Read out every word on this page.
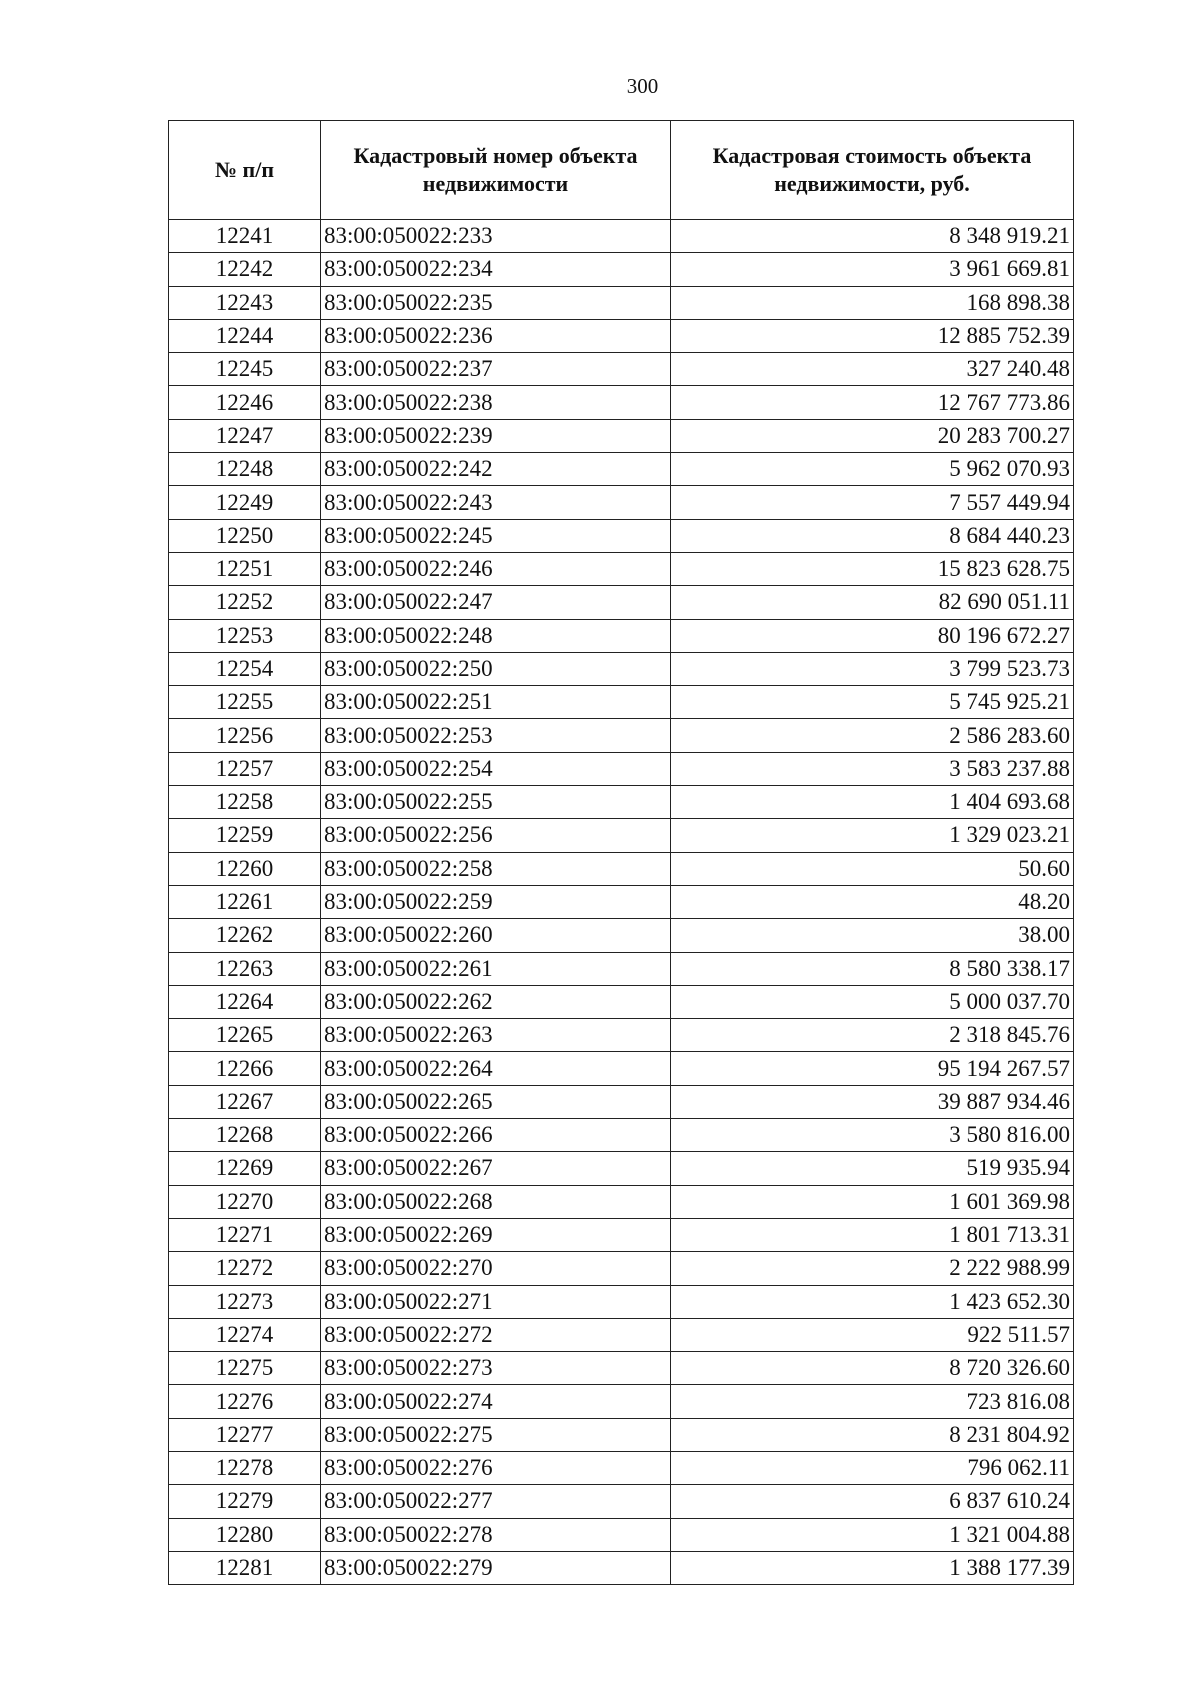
300
№ п/п	Кадастровый номер объекта недвижимости	Кадастровая стоимость объекта недвижимости, руб.
12241	83:00:050022:233	8 348 919.21
12242	83:00:050022:234	3 961 669.81
12243	83:00:050022:235	168 898.38
12244	83:00:050022:236	12 885 752.39
12245	83:00:050022:237	327 240.48
12246	83:00:050022:238	12 767 773.86
12247	83:00:050022:239	20 283 700.27
12248	83:00:050022:242	5 962 070.93
12249	83:00:050022:243	7 557 449.94
12250	83:00:050022:245	8 684 440.23
12251	83:00:050022:246	15 823 628.75
12252	83:00:050022:247	82 690 051.11
12253	83:00:050022:248	80 196 672.27
12254	83:00:050022:250	3 799 523.73
12255	83:00:050022:251	5 745 925.21
12256	83:00:050022:253	2 586 283.60
12257	83:00:050022:254	3 583 237.88
12258	83:00:050022:255	1 404 693.68
12259	83:00:050022:256	1 329 023.21
12260	83:00:050022:258	50.60
12261	83:00:050022:259	48.20
12262	83:00:050022:260	38.00
12263	83:00:050022:261	8 580 338.17
12264	83:00:050022:262	5 000 037.70
12265	83:00:050022:263	2 318 845.76
12266	83:00:050022:264	95 194 267.57
12267	83:00:050022:265	39 887 934.46
12268	83:00:050022:266	3 580 816.00
12269	83:00:050022:267	519 935.94
12270	83:00:050022:268	1 601 369.98
12271	83:00:050022:269	1 801 713.31
12272	83:00:050022:270	2 222 988.99
12273	83:00:050022:271	1 423 652.30
12274	83:00:050022:272	922 511.57
12275	83:00:050022:273	8 720 326.60
12276	83:00:050022:274	723 816.08
12277	83:00:050022:275	8 231 804.92
12278	83:00:050022:276	796 062.11
12279	83:00:050022:277	6 837 610.24
12280	83:00:050022:278	1 321 004.88
12281	83:00:050022:279	1 388 177.39
